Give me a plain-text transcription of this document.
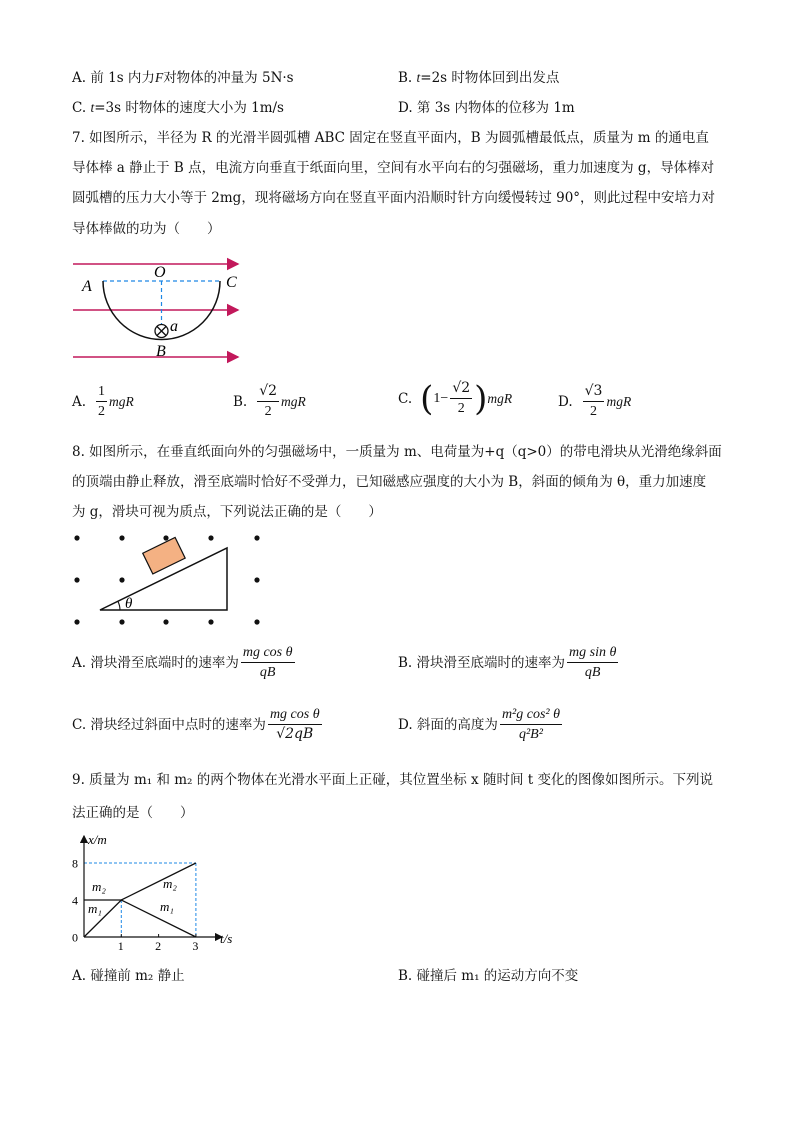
A. 前 1s 内力F对物体的冲量为 5N·s	B. t=2s 时物体回到出发点
C. t=3s 时物体的速度大小为 1m/s	D. 第 3s 内物体的位移为 1m
7. 如图所示，半径为 R 的光滑半圆弧槽 ABC 固定在竖直平面内，B 为圆弧槽最低点，质量为 m 的通电直
导体棒 a 静止于 B 点，电流方向垂直于纸面向里，空间有水平向右的匀强磁场，重力加速度为 g，导体棒对
圆弧槽的压力大小等于 2mg，现将磁场方向在竖直平面内沿顺时针方向缓慢转过 90°，则此过程中安培力对
导体棒做的功为（　　）
A
O
C
a
B
A. $\frac{1}{2}$ mgR	B. $\frac{√2}{2}$ mgR	C. ( $1- \frac{√2}{2}$ ) mgR	D. $\frac{√3}{2}$ mgR
8. 如图所示，在垂直纸面向外的匀强磁场中，一质量为 m、电荷量为+q（q>0）的带电滑块从光滑绝缘斜面
的顶端由静止释放，滑至底端时恰好不受弹力，已知磁感应强度的大小为 B，斜面的倾角为 θ，重力加速度
为 g，滑块可视为质点，下列说法正确的是（　　）
θ
A. 滑块滑至底端时的速率为 $\frac{\text{mg cos θ}}{qB}$	B. 滑块滑至底端时的速率为 $\frac{\text{mg sin θ}}{qB}$
C. 滑块经过斜面中点时的速率为 $\frac{\text{mg cos θ}}{√2qB}$	D. 斜面的高度为 $\frac{\text{m²g cos² θ}}{\text{q²B²}}$
9. 质量为 m₁ 和 m₂ 的两个物体在光滑水平面上正碰，其位置坐标 x 随时间 t 变化的图像如图所示。下列说
法正确的是（　　）
1	2	3
0
4
8
x/m
t/s
m₂
m₁
m₂
m₁
A. 碰撞前 m₂ 静止	B. 碰撞后 m₁ 的运动方向不变
